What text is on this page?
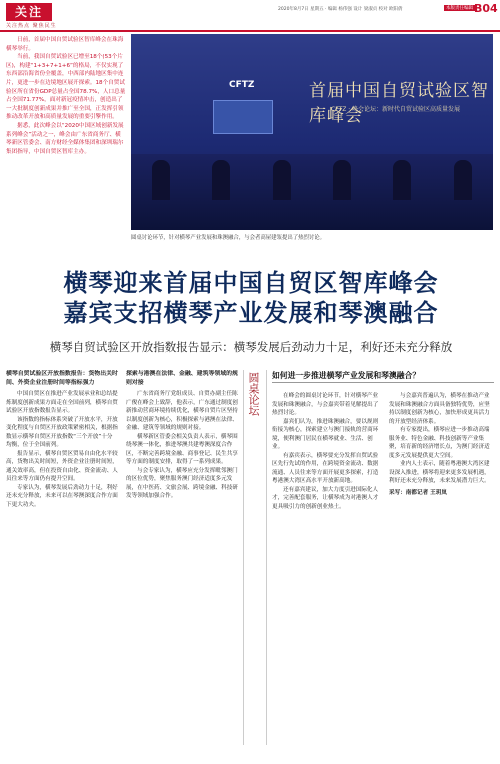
关注
关注热点 聚焦民生
2020年8月7日 星期五 · 编辑 杨伟强 设计 梁淑贞 校对 欧阳倩	本版责任编辑 B04

日前，首届中国自贸试验区智库峰会在珠海横琴举行。

当前，我国自贸试验区已增至18个(53个片区)，构建“1+3+7+1+6”的格局，不仅实现了东西部沿海省份全覆盖，中西部内陆地区集中连片，更进一步在边境地区展开探索。18个自贸试验区所在省份GDP总量占全国78.7%，人口总量占全国71.77%，面对新冠疫情冲击，创造出了一大批制度创新成果并推广至全国，正发挥引领推动改革开放和高质量发展的重要引擎作用。

据悉，此次峰会以“2020中国区域创新发展系列峰会”活动之一，峰会由广东省商务厅、横琴新区管委会、南方财经全媒体集团和深圳瑞尔集团指导，中国自贸区智库主办。

CFTZ	首届中国自贸试验区智库峰会
CFTZ · 峰会论坛：新时代自贸试验区高质量发展
圆桌讨论环节，针对横琴产业发展和珠澳融合，与会者高屋建瓴提出了热烈讨论。
横琴迎来首届中国自贸区智库峰会
嘉宾支招横琴产业发展和琴澳融合
横琴自贸试验区开放指数报告显示：横琴发展后劲动力十足，利好还未充分释放
横琴自贸试验区开放指数报告：货物出关时间、外资企业注册时间等指标强力

中国自贸区在推进产业发展承业和总结提炼制度创新成果方面走在全国前列，横琴自贸试验区开放指数报告显示。

该指数的指标体系突破了开放水平，开放变化程度与自贸区开放政策紧密相关，根据指数显示横琴自贸区开放指数“三个开放”十分均衡，位于全国前列。

报告显示，横琴自贸区贸易自由化水平较高，货物出关时间短，外资企业注册时间短，通关效率高，但在投资自由化、资金流动、人员往来等方面仍有提升空间。

专家认为，横琴发展后劲动力十足，利好还未充分释放，未来可以在琴澳深度合作方面下更大功夫。

探索与港澳在法律、金融、建筑等领域的规则对接

广东省商务厅党组成员、自贸办副主任陈广俊在峰会上致辞，他表示，广东通过制度创新推动营商环境持续优化，横琴自贸片区坚持以制度创新为核心，积极探索与港澳在法律、金融、建筑等领域的规则对接。

横琴新区管委会相关负责人表示，横琴围绕琴澳一体化，推进琴澳共建粤澳深度合作区，不断完善跨境金融、商事登记、民生共享等方面的制度安排，取得了一系列成果。

与会专家认为，横琴应充分发挥毗邻澳门的区位优势，聚焦服务澳门经济适度多元发展，在中医药、文旅会展、跨境金融、科技研发等领域加强合作。

圆桌论坛 如何进一步推进横琴产业发展和琴澳融合？

在峰会的圆桌讨论环节，针对横琴产业发展和珠澳融合，与会嘉宾带着见解提出了热烈讨论。

嘉宾们认为，推进珠澳融合，要以规则衔接为核心，探索建立与澳门接轨的营商环境，便利澳门居民在横琴就业、生活、创业。

有嘉宾表示，横琴要充分发挥自贸试验区先行先试的作用，在跨境资金流动、数据流通、人员往来等方面开展更多探索，打造粤港澳大湾区高水平开放新高地。

还有嘉宾建议，加大力度引进国际化人才，完善配套服务，让横琴成为对港澳人才更具吸引力的创新创业热土。

与会嘉宾普遍认为，横琴在推动产业发展和珠澳融合方面具备独特优势，应坚持以制度创新为核心，加快形成更具活力的开放型经济体系。

有专家提出，横琴应进一步推动高端服务业、特色金融、科技创新等产业集聚，培育新的经济增长点，为澳门经济适度多元发展提供更大空间。

业内人士表示，随着粤港澳大湾区建设深入推进，横琴将迎来更多发展机遇，利好还未充分释放，未来发展潜力巨大。

采写：南都记者 王玥岚
